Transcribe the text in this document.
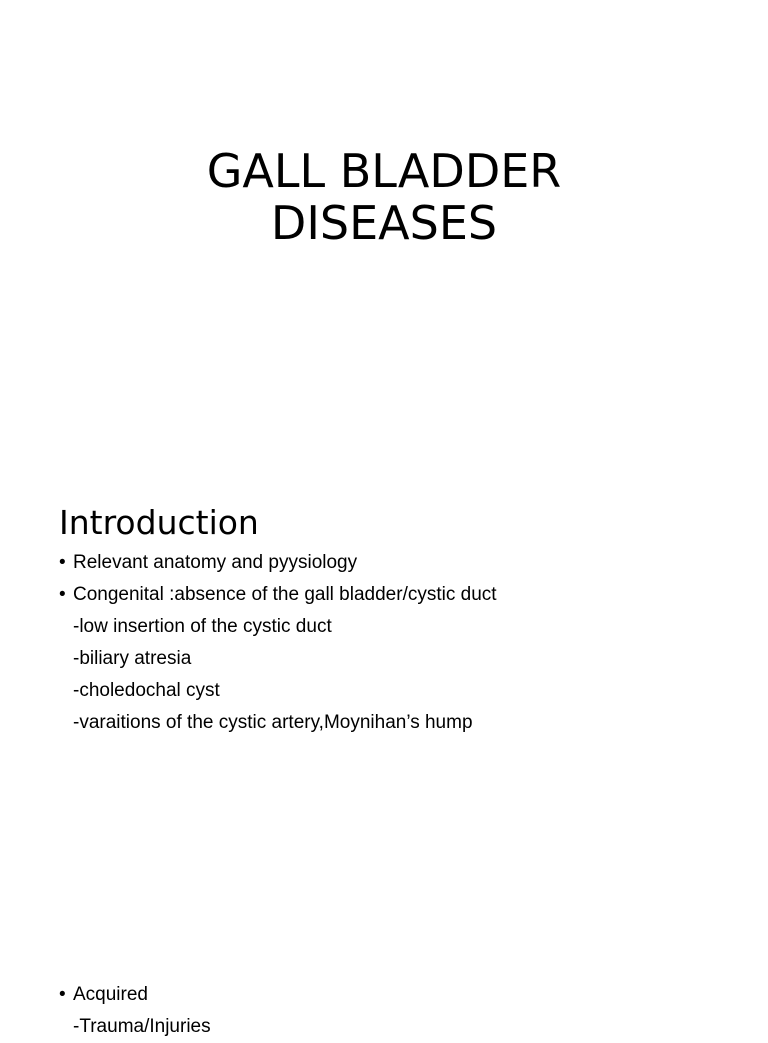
GALL BLADDER
DISEASES
Introduction
• Relevant anatomy and pyysiology
• Congenital :absence of the gall bladder/cystic duct
-low insertion of the cystic duct
-biliary atresia
-choledochal cyst
-varaitions of the cystic artery,Moynihan’s hump
• Acquired
-Trauma/Injuries
